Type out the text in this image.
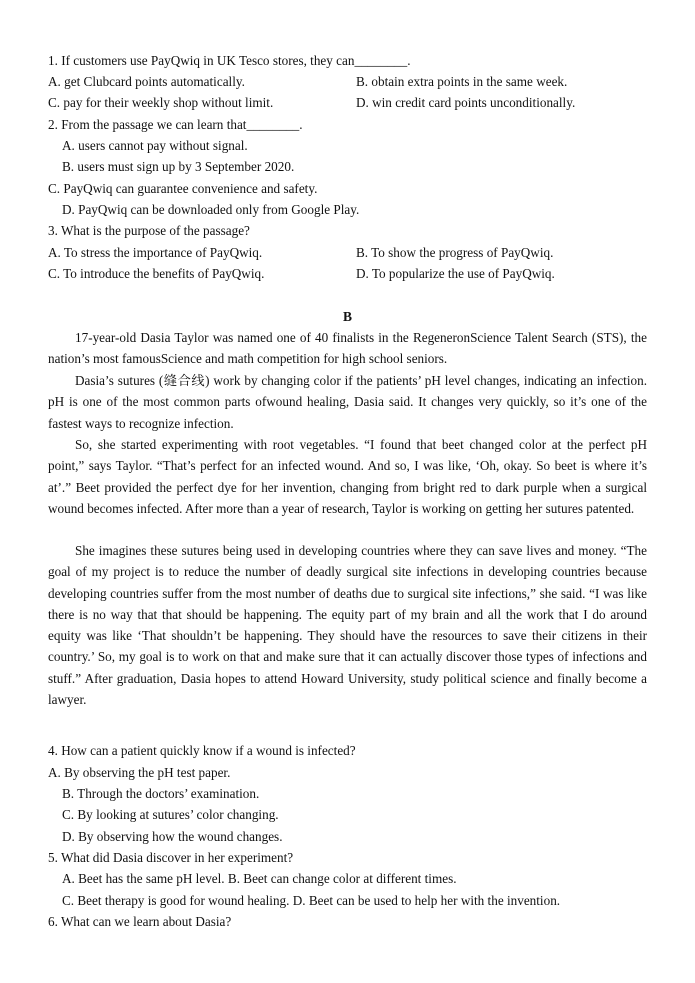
1. If customers use PayQwiq in UK Tesco stores, they can________.
A. get Clubcard points automatically.	B. obtain extra points in the same week.
C. pay for their weekly shop without limit.	D. win credit card points unconditionally.
2. From the passage we can learn that________.
A. users cannot pay without signal.
B. users must sign up by 3 September 2020.
C. PayQwiq can guarantee convenience and safety.
D. PayQwiq can be downloaded only from Google Play.
3. What is the purpose of the passage?
A. To stress the importance of PayQwiq.	B. To show the progress of PayQwiq.
C. To introduce the benefits of PayQwiq.	D. To popularize the use of PayQwiq.
B
17-year-old Dasia Taylor was named one of 40 finalists in the RegeneronScience Talent Search (STS), the nation’s most famousScience and math competition for high school seniors.
Dasia’s sutures (缝合线) work by changing color if the patients’ pH level changes, indicating an infection. pH is one of the most common parts ofwound healing, Dasia said. It changes very quickly, so it’s one of the fastest ways to recognize infection.
So, she started experimenting with root vegetables. “I found that beet changed color at the perfect pH point,” says Taylor. “That’s perfect for an infected wound. And so, I was like, ‘Oh, okay. So beet is where it’s at’.” Beet provided the perfect dye for her invention, changing from bright red to dark purple when a surgical wound becomes infected. After more than a year of research, Taylor is working on getting her sutures patented.
She imagines these sutures being used in developing countries where they can save lives and money. “The goal of my project is to reduce the number of deadly surgical site infections in developing countries because developing countries suffer from the most number of deaths due to surgical site infections,” she said. “I was like there is no way that that should be happening. The equity part of my brain and all the work that I do around equity was like ‘That shouldn’t be happening. They should have the resources to save their citizens in their country.’ So, my goal is to work on that and make sure that it can actually discover those types of infections and stuff.” After graduation, Dasia hopes to attend Howard University, study political science and finally become a lawyer.
4. How can a patient quickly know if a wound is infected?
A. By observing the pH test paper.
B. Through the doctors’ examination.
C. By looking at sutures’ color changing.
D. By observing how the wound changes.
5. What did Dasia discover in her experiment?
A. Beet has the same pH level. B. Beet can change color at different times.
C. Beet therapy is good for wound healing. D. Beet can be used to help her with the invention.
6. What can we learn about Dasia?
